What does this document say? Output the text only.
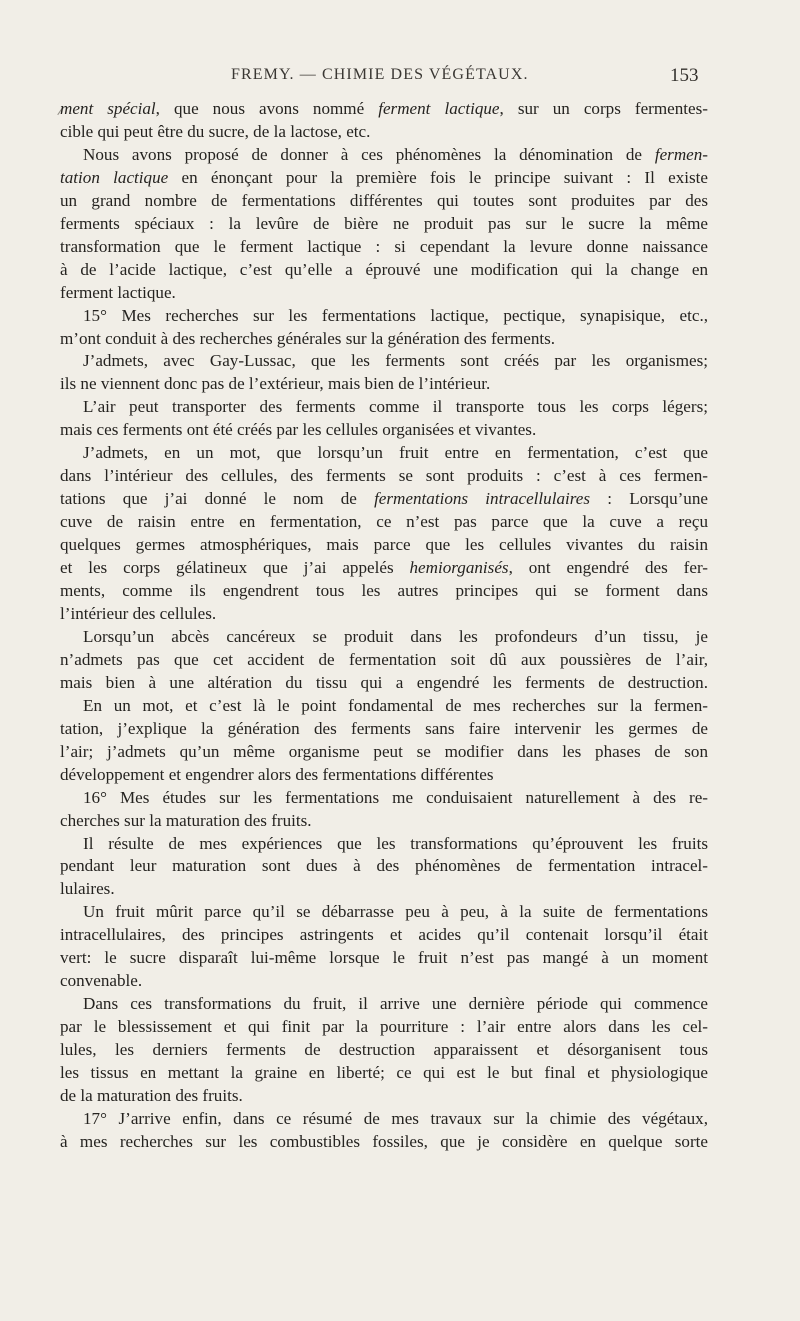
FREMY. — CHIMIE DES VÉGÉTAUX.	153
ment spécial, que nous avons nommé ferment lactique, sur un corps fermentes-
cible qui peut être du sucre, de la lactose, etc.
Nous avons proposé de donner à ces phénomènes la dénomination de fermen-
tation lactique en énonçant pour la première fois le principe suivant : Il existe
un grand nombre de fermentations différentes qui toutes sont produites par des
ferments spéciaux : la levûre de bière ne produit pas sur le sucre la même
transformation que le ferment lactique : si cependant la levure donne naissance
à de l’acide lactique, c’est qu’elle a éprouvé une modification qui la change en
ferment lactique.
15° Mes recherches sur les fermentations lactique, pectique, synapisique, etc.,
m’ont conduit à des recherches générales sur la génération des ferments.
J’admets, avec Gay-Lussac, que les ferments sont créés par les organismes;
ils ne viennent donc pas de l’extérieur, mais bien de l’intérieur.
L’air peut transporter des ferments comme il transporte tous les corps légers;
mais ces ferments ont été créés par les cellules organisées et vivantes.
J’admets, en un mot, que lorsqu’un fruit entre en fermentation, c’est que
dans l’intérieur des cellules, des ferments se sont produits : c’est à ces fermen-
tations que j’ai donné le nom de fermentations intracellulaires : Lorsqu’une
cuve de raisin entre en fermentation, ce n’est pas parce que la cuve a reçu
quelques germes atmosphériques, mais parce que les cellules vivantes du raisin
et les corps gélatineux que j’ai appelés hemiorganisés, ont engendré des fer-
ments, comme ils engendrent tous les autres principes qui se forment dans
l’intérieur des cellules.
Lorsqu’un abcès cancéreux se produit dans les profondeurs d’un tissu, je
n’admets pas que cet accident de fermentation soit dû aux poussières de l’air,
mais bien à une altération du tissu qui a engendré les ferments de destruction.
En un mot, et c’est là le point fondamental de mes recherches sur la fermen-
tation, j’explique la génération des ferments sans faire intervenir les germes de
l’air; j’admets qu’un même organisme peut se modifier dans les phases de son
développement et engendrer alors des fermentations différentes
16° Mes études sur les fermentations me conduisaient naturellement à des re-
cherches sur la maturation des fruits.
Il résulte de mes expériences que les transformations qu’éprouvent les fruits
pendant leur maturation sont dues à des phénomènes de fermentation intracel-
lulaires.
Un fruit mûrit parce qu’il se débarrasse peu à peu, à la suite de fermentations
intracellulaires, des principes astringents et acides qu’il contenait lorsqu’il était
vert: le sucre disparaît lui-même lorsque le fruit n’est pas mangé à un moment
convenable.
Dans ces transformations du fruit, il arrive une dernière période qui commence
par le blessissement et qui finit par la pourriture : l’air entre alors dans les cel-
lules, les derniers ferments de destruction apparaissent et désorganisent tous
les tissus en mettant la graine en liberté; ce qui est le but final et physiologique
de la maturation des fruits.
17° J’arrive enfin, dans ce résumé de mes travaux sur la chimie des végétaux,
à mes recherches sur les combustibles fossiles, que je considère en quelque sorte
